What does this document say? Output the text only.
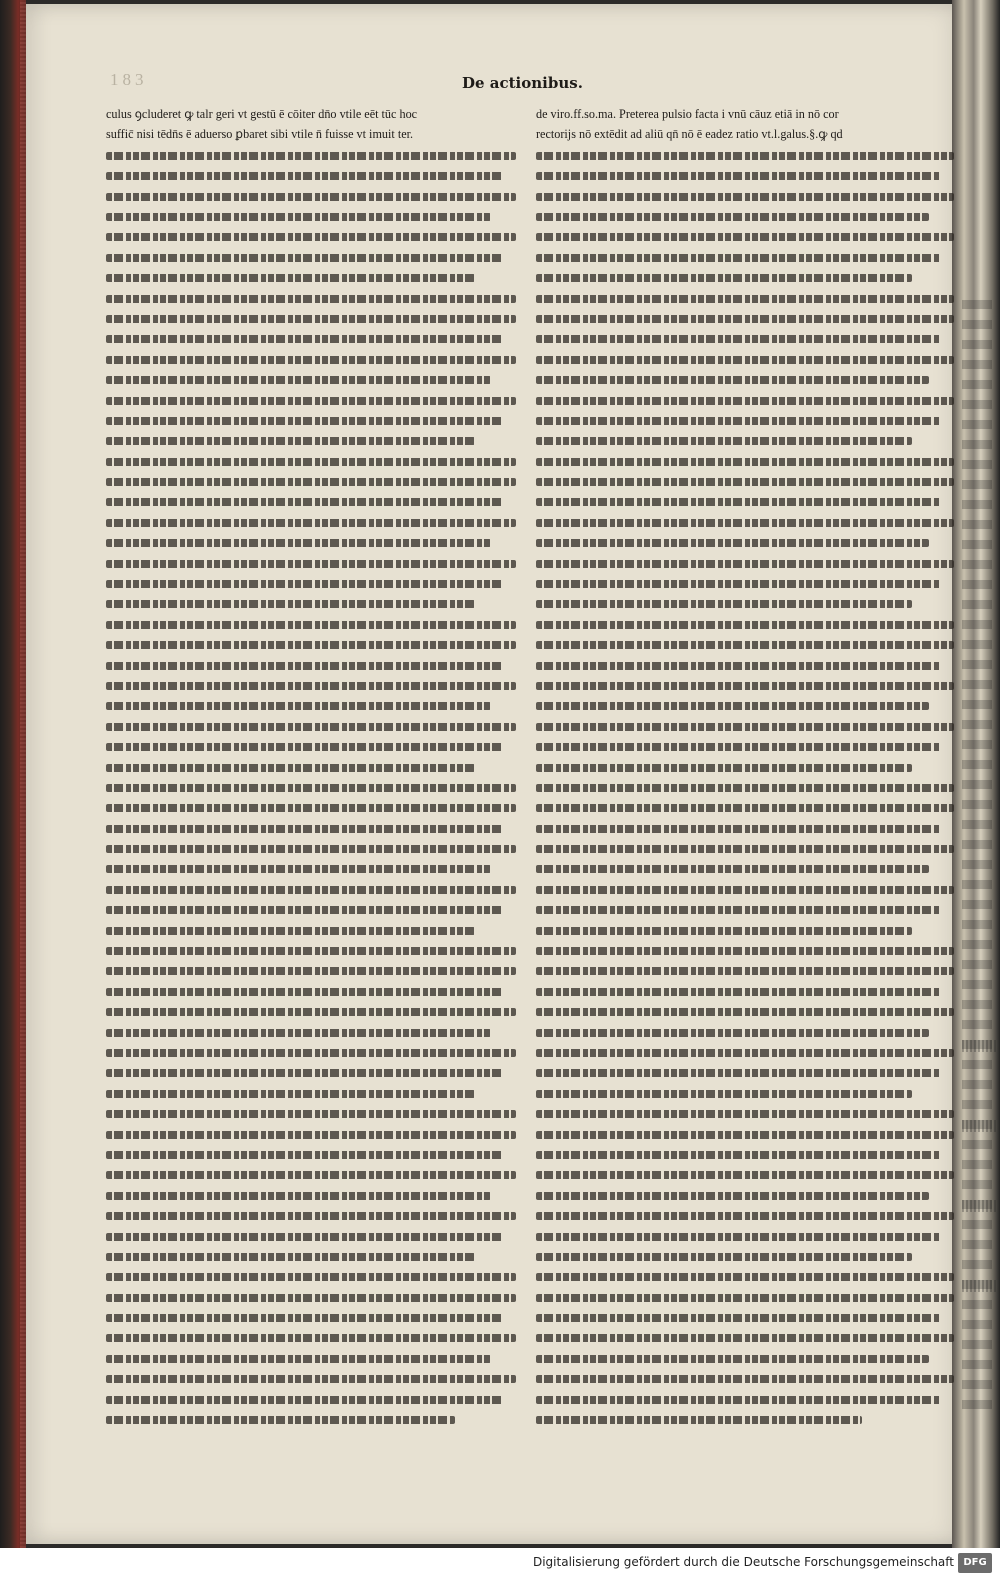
183	De actionibus.
culus ꝯcluderet ꝙ talr geri vt gestū ē cōiter dn̄o vtile eēt tūc hoc
suffic̄ nisi tēdn̄s ē aduerso ꝑbaret sibi vtile n̄ fuisse vt imuit ter.
de viro.ff.so.ma. Preterea pulsio facta i vnū cāuz etiā in nō cor
rectorijs nō extēdit ad aliū qn̄ nō ē eadez ratio vt.l.galus.§.ꝙ qd
Digitalisierung gefördert durch die Deutsche Forschungsgemeinschaft DFG
